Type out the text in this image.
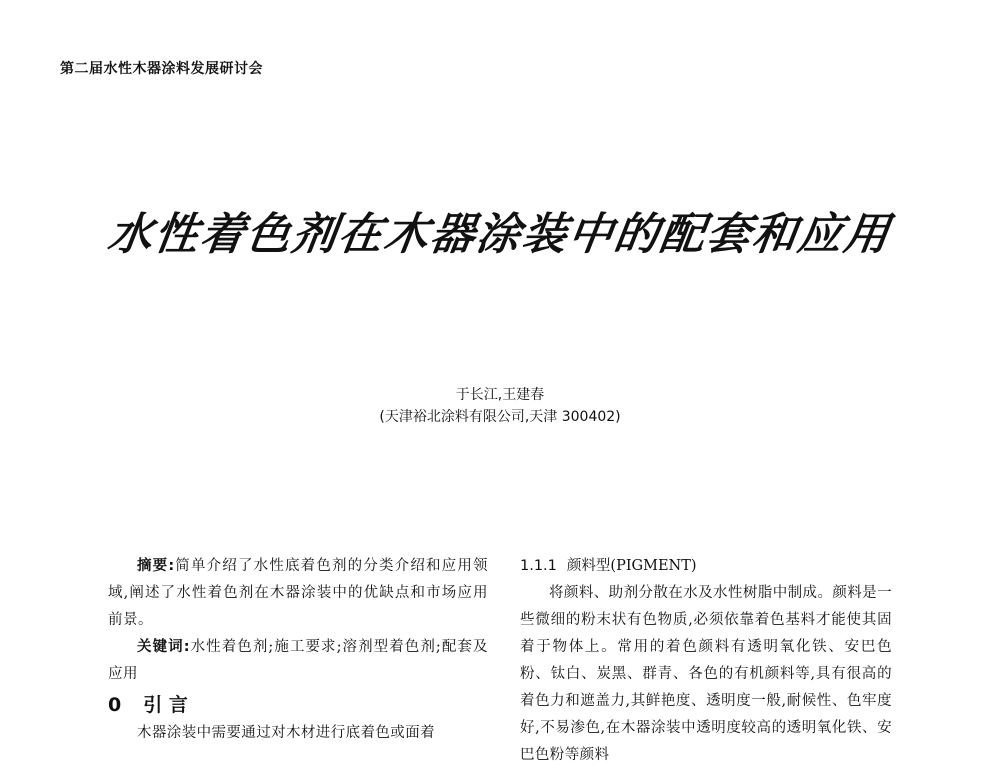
第二届水性木器涂料发展研讨会
水性着色剂在木器涂装中的配套和应用
于长江,王建春
(天津裕北涂料有限公司,天津 300402)
摘要:简单介绍了水性底着色剂的分类介绍和应用领域,阐述了水性着色剂在木器涂装中的优缺点和市场应用前景。
关键词:水性着色剂;施工要求;溶剂型着色剂;配套及应用
0 引 言
木器涂装中需要通过对木材进行底着色或面着
1.1.1 颜料型(PIGMENT)
将颜料、助剂分散在水及水性树脂中制成。颜料是一些微细的粉末状有色物质,必须依靠着色基料才能使其固着于物体上。常用的着色颜料有透明氧化铁、安巴色粉、钛白、炭黑、群青、各色的有机颜料等,具有很高的着色力和遮盖力,其鲜艳度、透明度一般,耐候性、色牢度好,不易渗色,在木器涂装中透明度较高的透明氧化铁、安巴色粉等颜料
